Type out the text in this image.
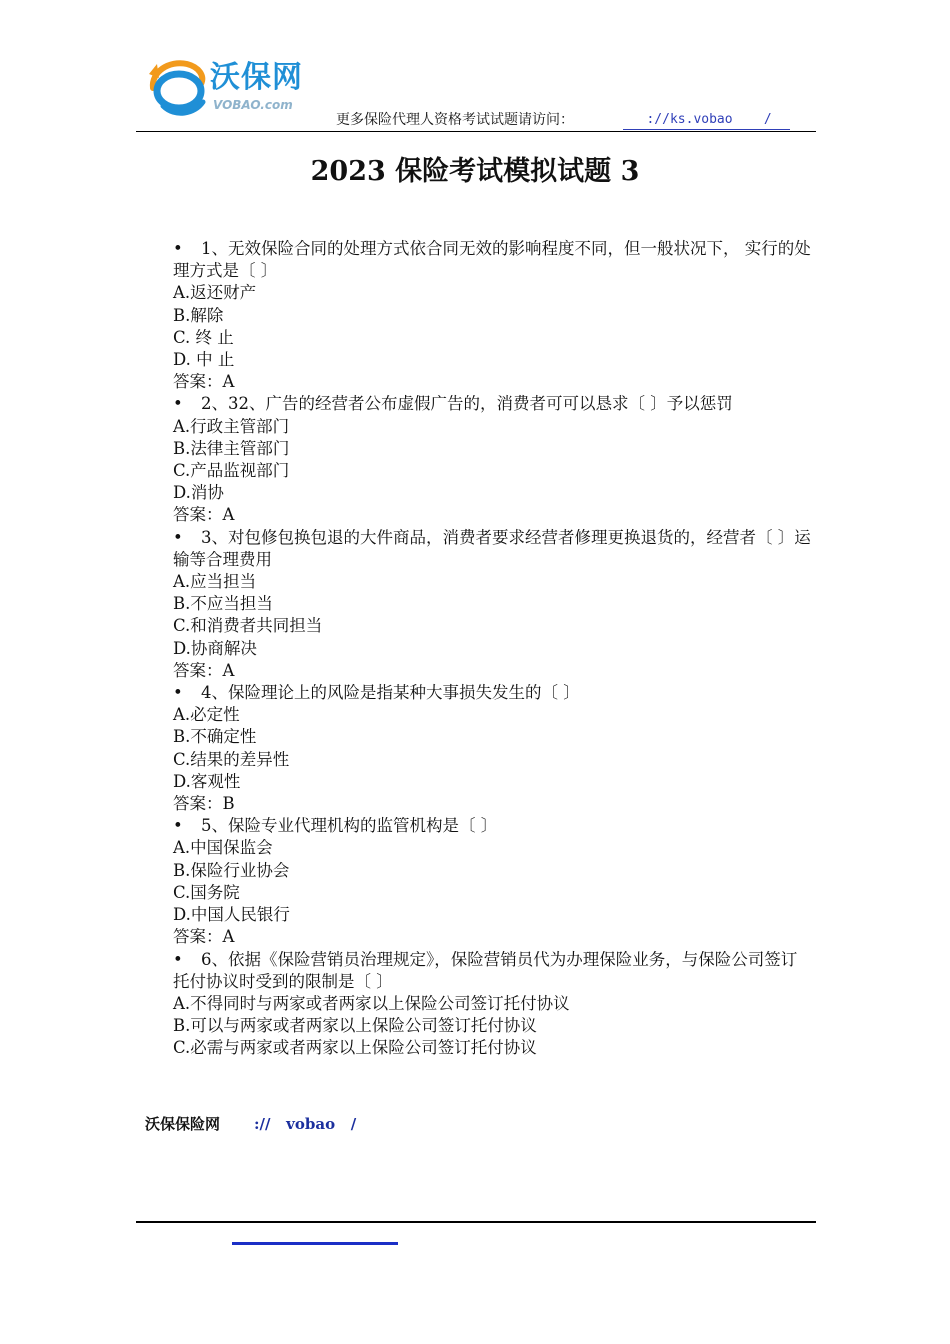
沃保网
VOBAO.com
更多保险代理人资格考试试题请访问：	://ks.vobao    /
2023 保险考试模拟试题 3

• 1、无效保险合同的处理方式依合同无效的影响程度不同，但一般状况下， 实行的处理方式是〔 〕

A.返还财产

B.解除

C. 终 止

D. 中 止

答案：A

• 2、32、广告的经营者公布虚假广告的，消费者可可以恳求〔 〕予以惩罚

A.行政主管部门

B.法律主管部门

C.产品监视部门

D.消协

答案：A

• 3、对包修包换包退的大件商品，消费者要求经营者修理更换退货的，经营者〔 〕运输等合理费用

A.应当担当

B.不应当担当

C.和消费者共同担当

D.协商解决

答案：A

• 4、保险理论上的风险是指某种大事损失发生的〔 〕

A.必定性

B.不确定性

C.结果的差异性

D.客观性

答案：B

• 5、保险专业代理机构的监管机构是〔 〕

A.中国保监会

B.保险行业协会

C.国务院

D.中国人民银行

答案：A

• 6、依据《保险营销员治理规定》，保险营销员代为办理保险业务，与保险公司签订托付协议时受到的限制是〔 〕

A.不得同时与两家或者两家以上保险公司签订托付协议

B.可以与两家或者两家以上保险公司签订托付协议

C.必需与两家或者两家以上保险公司签订托付协议

沃保保险网 ://   vobao   /
